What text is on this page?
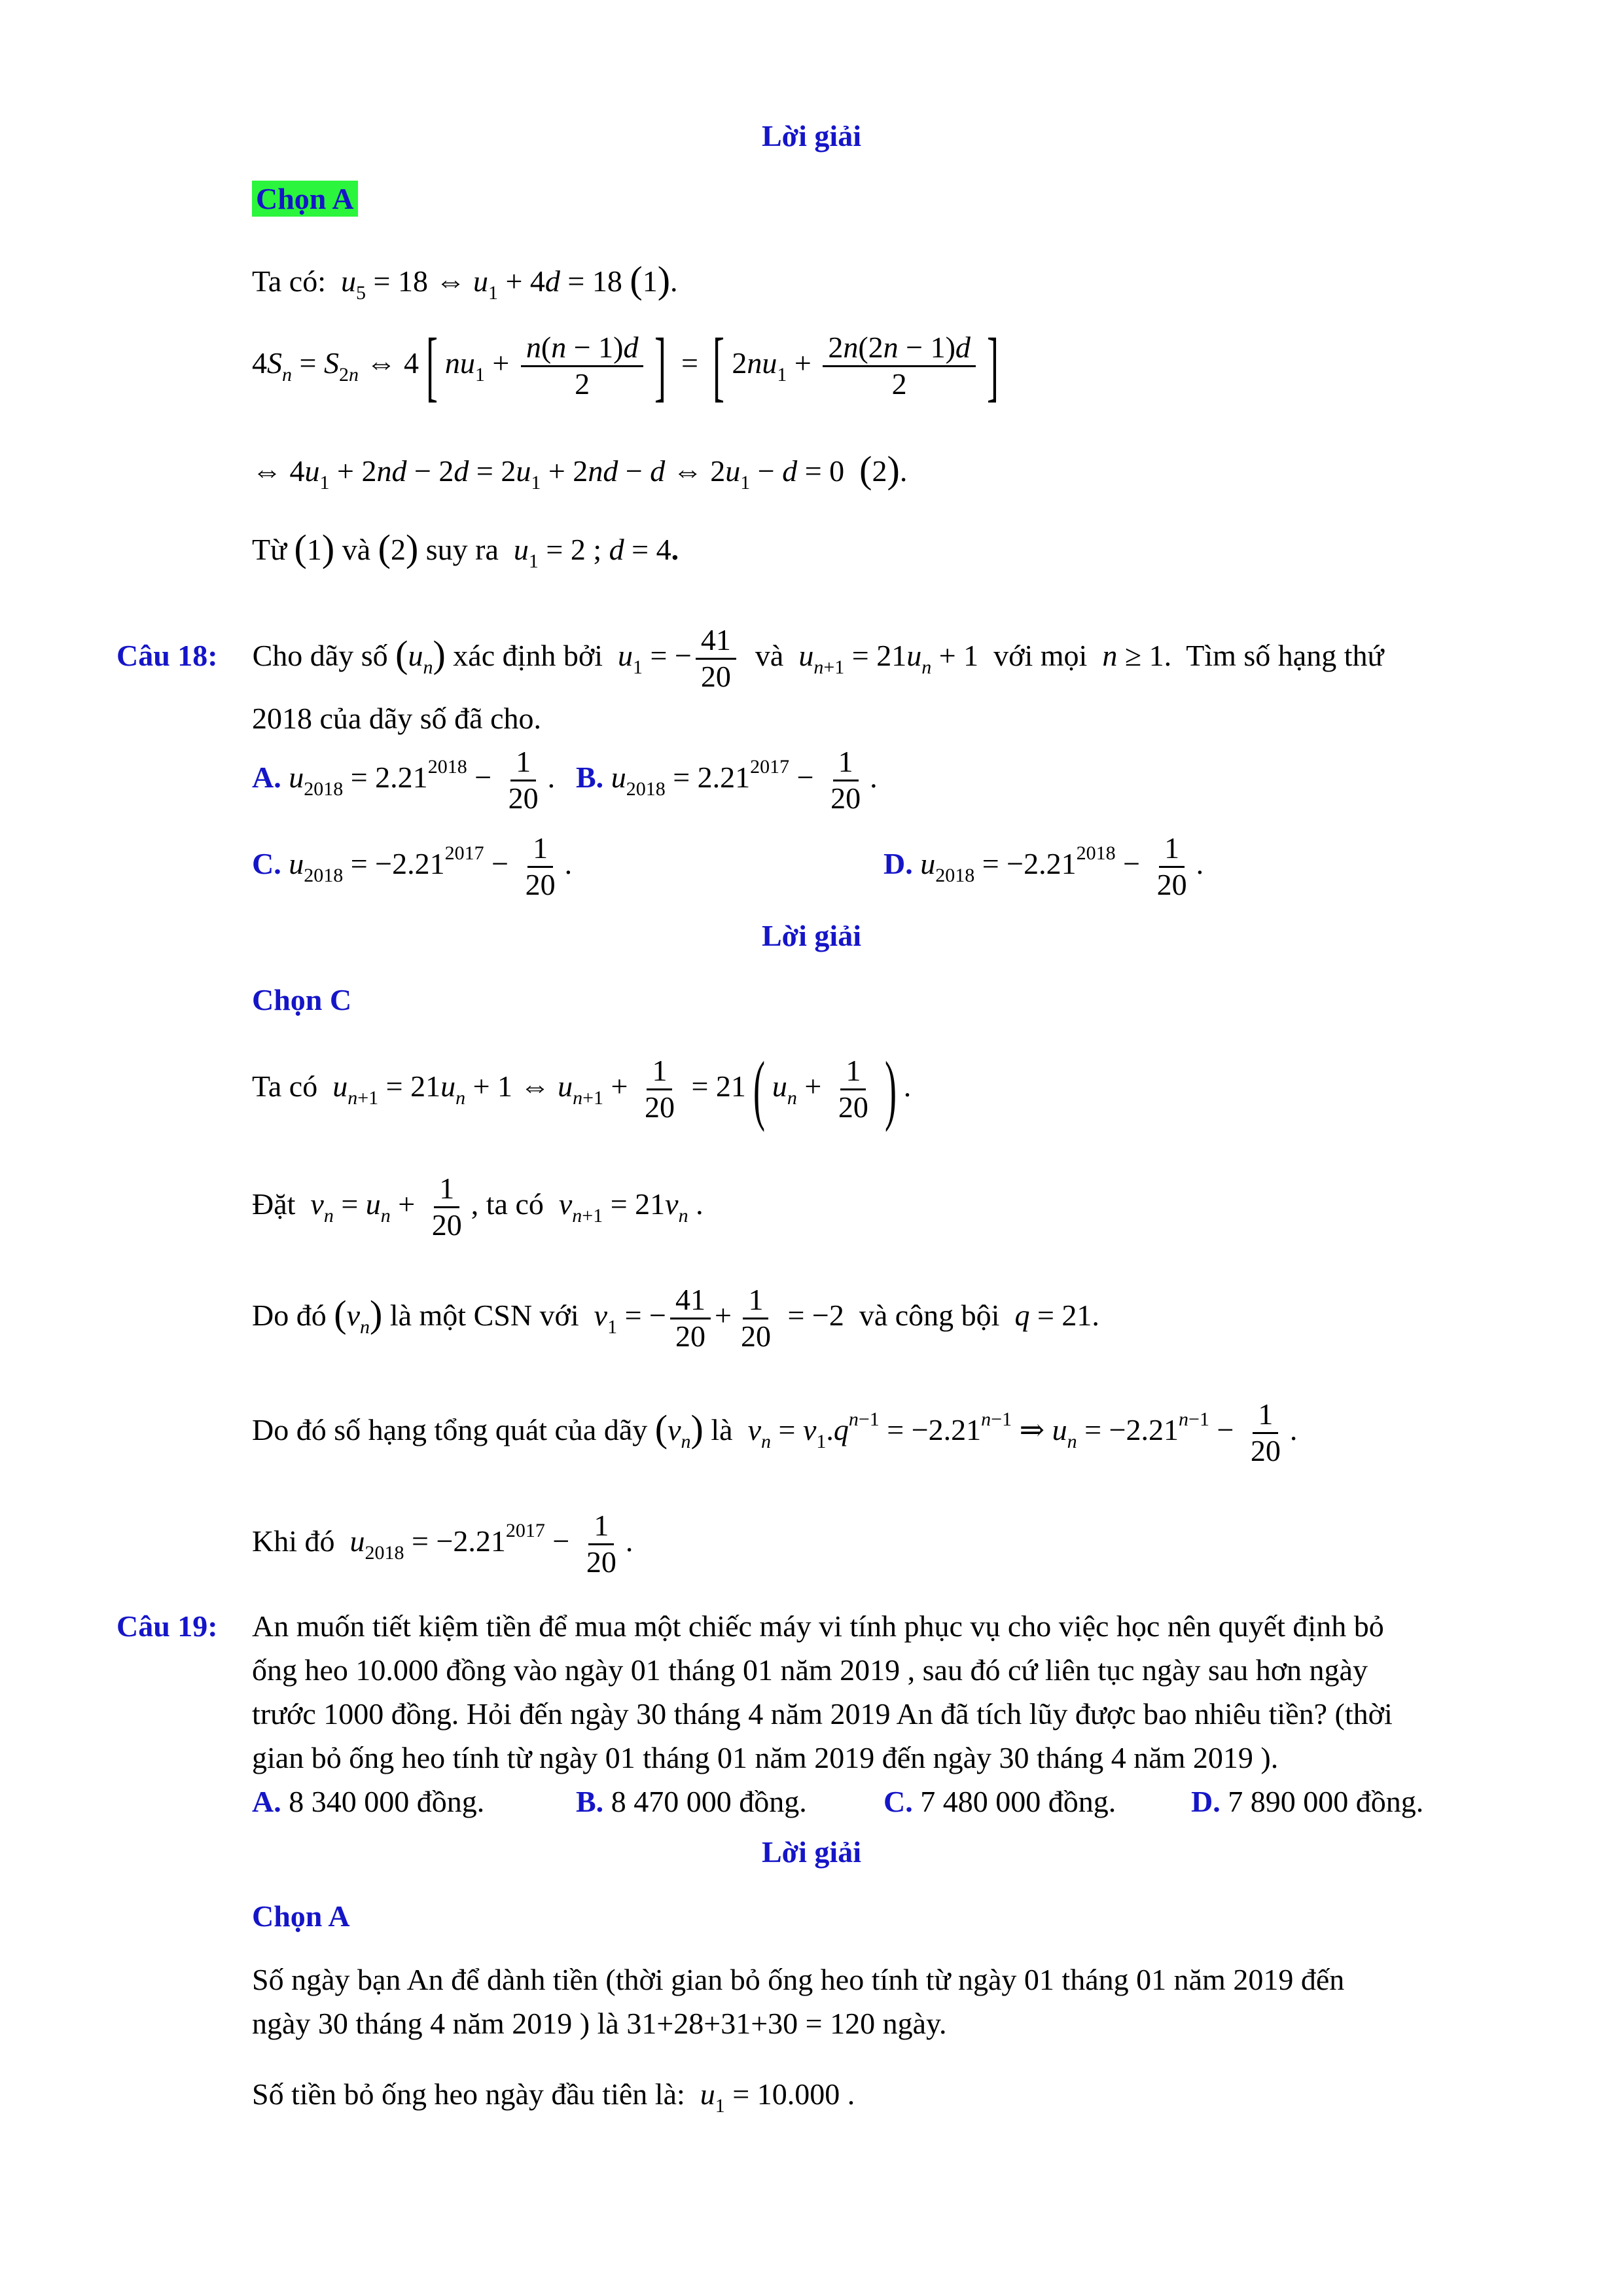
Lời giải
Chọn A
Ta có: $u_5 = 18$ ⇔ $u_1 + 4d = 18$ (1).
$4S_n = S_{2n}$ ⇔ 4[ $nu_1 + \frac{n(n - 1)d}{2}$ ] = [ $2nu_1 + \frac{2n(2n - 1)d}{2}$ ]
⇔ $4u_1 + 2nd - 2d = 2u_1 + 2nd - d$ ⇔ $2u_1 - d = 0$  (2).
Từ (1) và (2) suy ra $u_1 = 2$ ; d = 4.
Câu 18: Cho dãy số $(u_n)$ xác định bởi $u_1$ = − $\frac{41}{20}$ và $u_{n+1} = 21u_n + 1$  với mọi n ≥ 1.  Tìm số hạng thứ
2018 của dãy số đã cho.
A. $u_{2018} = 2.21^{2018} - \frac{1}{20}$ . B. $u_{2018} = 2.21^{2017} - \frac{1}{20}$ .
C. $u_{2018} = -2.21^{2017} - \frac{1}{20}$ .	D. $u_{2018} = -2.21^{2018} - \frac{1}{20}$ .
Lời giải
Chọn C
Ta có $u_{n+1} = 21u_n + 1$ ⇔ $u_{n+1} + \frac{1}{20} = 21$( $u_n + \frac{1}{20}$ ) .
Đặt $v_n = u_n + \frac{1}{20}$ , ta có $v_{n+1} = 21v_n$ .
Do đó $(v_n)$ là một CSN với $v_1$ = − $\frac{41}{20} + \frac{1}{20} = -2$  và công bội q = 21.
Do đó số hạng tổng quát của dãy $(v_n)$ là $v_n = v_1.q^{n-1} = -2.21^{n-1}$ ⇒ $u_n = -2.21^{n-1} - \frac{1}{20}$ .
Khi đó $u_{2018} = -2.21^{2017} - \frac{1}{20}$ .
Câu 19: An muốn tiết kiệm tiền để mua một chiếc máy vi tính phục vụ cho việc học nên quyết định bỏ
ống heo 10.000 đồng vào ngày 01 tháng 01 năm 2019 , sau đó cứ liên tục ngày sau hơn ngày
trước 1000 đồng. Hỏi đến ngày 30 tháng 4 năm 2019 An đã tích lũy được bao nhiêu tiền? (thời
gian bỏ ống heo tính từ ngày 01 tháng 01 năm 2019 đến ngày 30 tháng 4 năm 2019 ).
A. 8 340 000 đồng.	B. 8 470 000 đồng.	C. 7 480 000 đồng. D. 7 890 000 đồng.
Lời giải
Chọn A
Số ngày bạn An để dành tiền (thời gian bỏ ống heo tính từ ngày 01 tháng 01 năm 2019 đến
ngày 30 tháng 4 năm 2019 ) là 31+28+31+30 = 120 ngày.
Số tiền bỏ ống heo ngày đầu tiên là: $u_1 = 10.000$ .
